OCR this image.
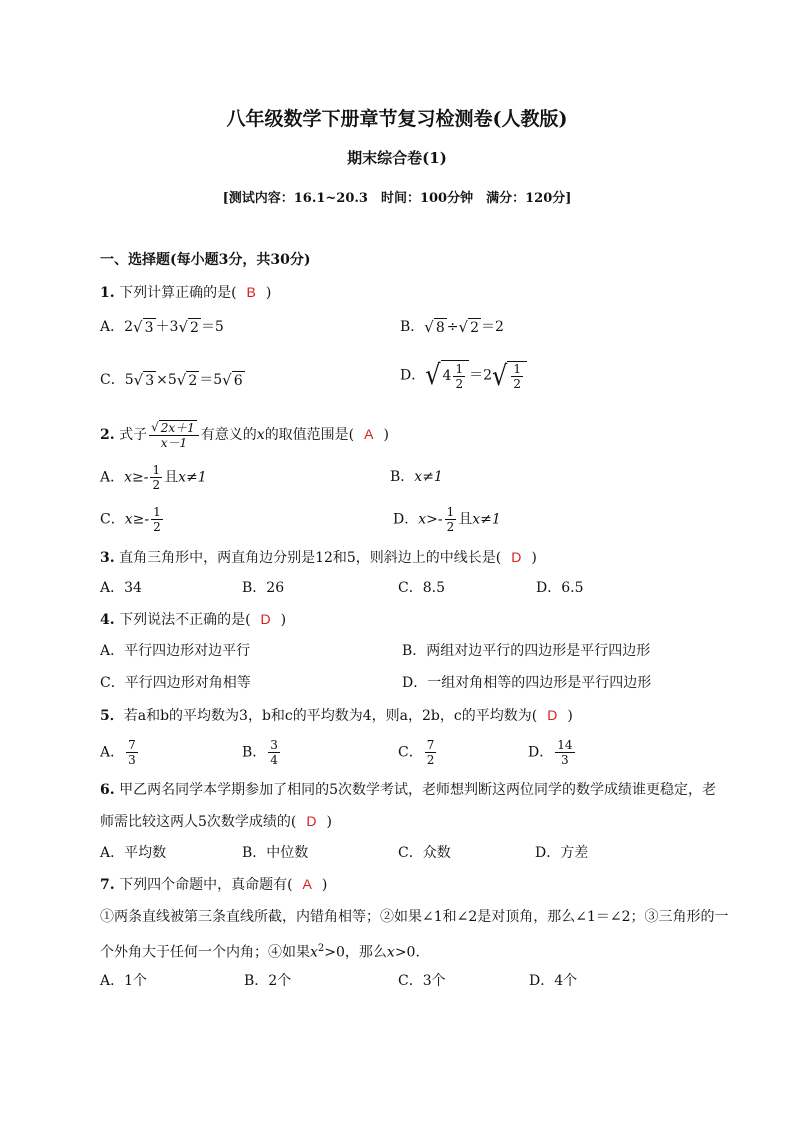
八年级数学下册章节复习检测卷(人教版)
期末综合卷(1)
[测试内容：16.1~20.3　时间：100分钟　满分：120分]
一、选择题(每小题3分，共30分)
1. 下列计算正确的是( B )
A．2 √ 3 ＋3 √ 2 ＝5	B． √ 8 ÷ √ 2 ＝2
C．5 √ 3 ×5 √ 2 ＝5 √ 6	D． √ $4 \frac{1}{2} =2$ √ $\frac{1}{2}$
2. 式子 $\frac{√ 2x+1}{x-1}$ 有意义的x的取值范围是( A )
A．$x\ge- \frac{1}{2}$ 且x≠1	B．x≠1
C．$x\ge- \frac{1}{2}$	D．$x>- \frac{1}{2}$ 且x≠1
3. 直角三角形中，两直角边分别是12和5，则斜边上的中线长是( D )
A．34	B．26	C．8.5	D．6.5
4. 下列说法不正确的是( D )
A．平行四边形对边平行	B．两组对边平行的四边形是平行四边形
C．平行四边形对角相等	D．一组对角相等的四边形是平行四边形
5．若a和b的平均数为3，b和c的平均数为4，则a，2b，c的平均数为( D )
A． $\frac{7}{3}$	B． $\frac{3}{4}$	C． $\frac{7}{2}$	D． $\frac{14}{3}$
6. 甲乙两名同学本学期参加了相同的5次数学考试，老师想判断这两位同学的数学成绩谁更稳定，老
师需比较这两人5次数学成绩的( D )
A．平均数	B．中位数	C．众数	D．方差
7. 下列四个命题中，真命题有( A )
①两条直线被第三条直线所截，内错角相等；②如果∠1和∠2是对顶角，那么∠1＝∠2；③三角形的一
个外角大于任何一个内角；④如果$x^2>0$，那么x>0.
A．1个	B．2个	C．3个	D．4个
